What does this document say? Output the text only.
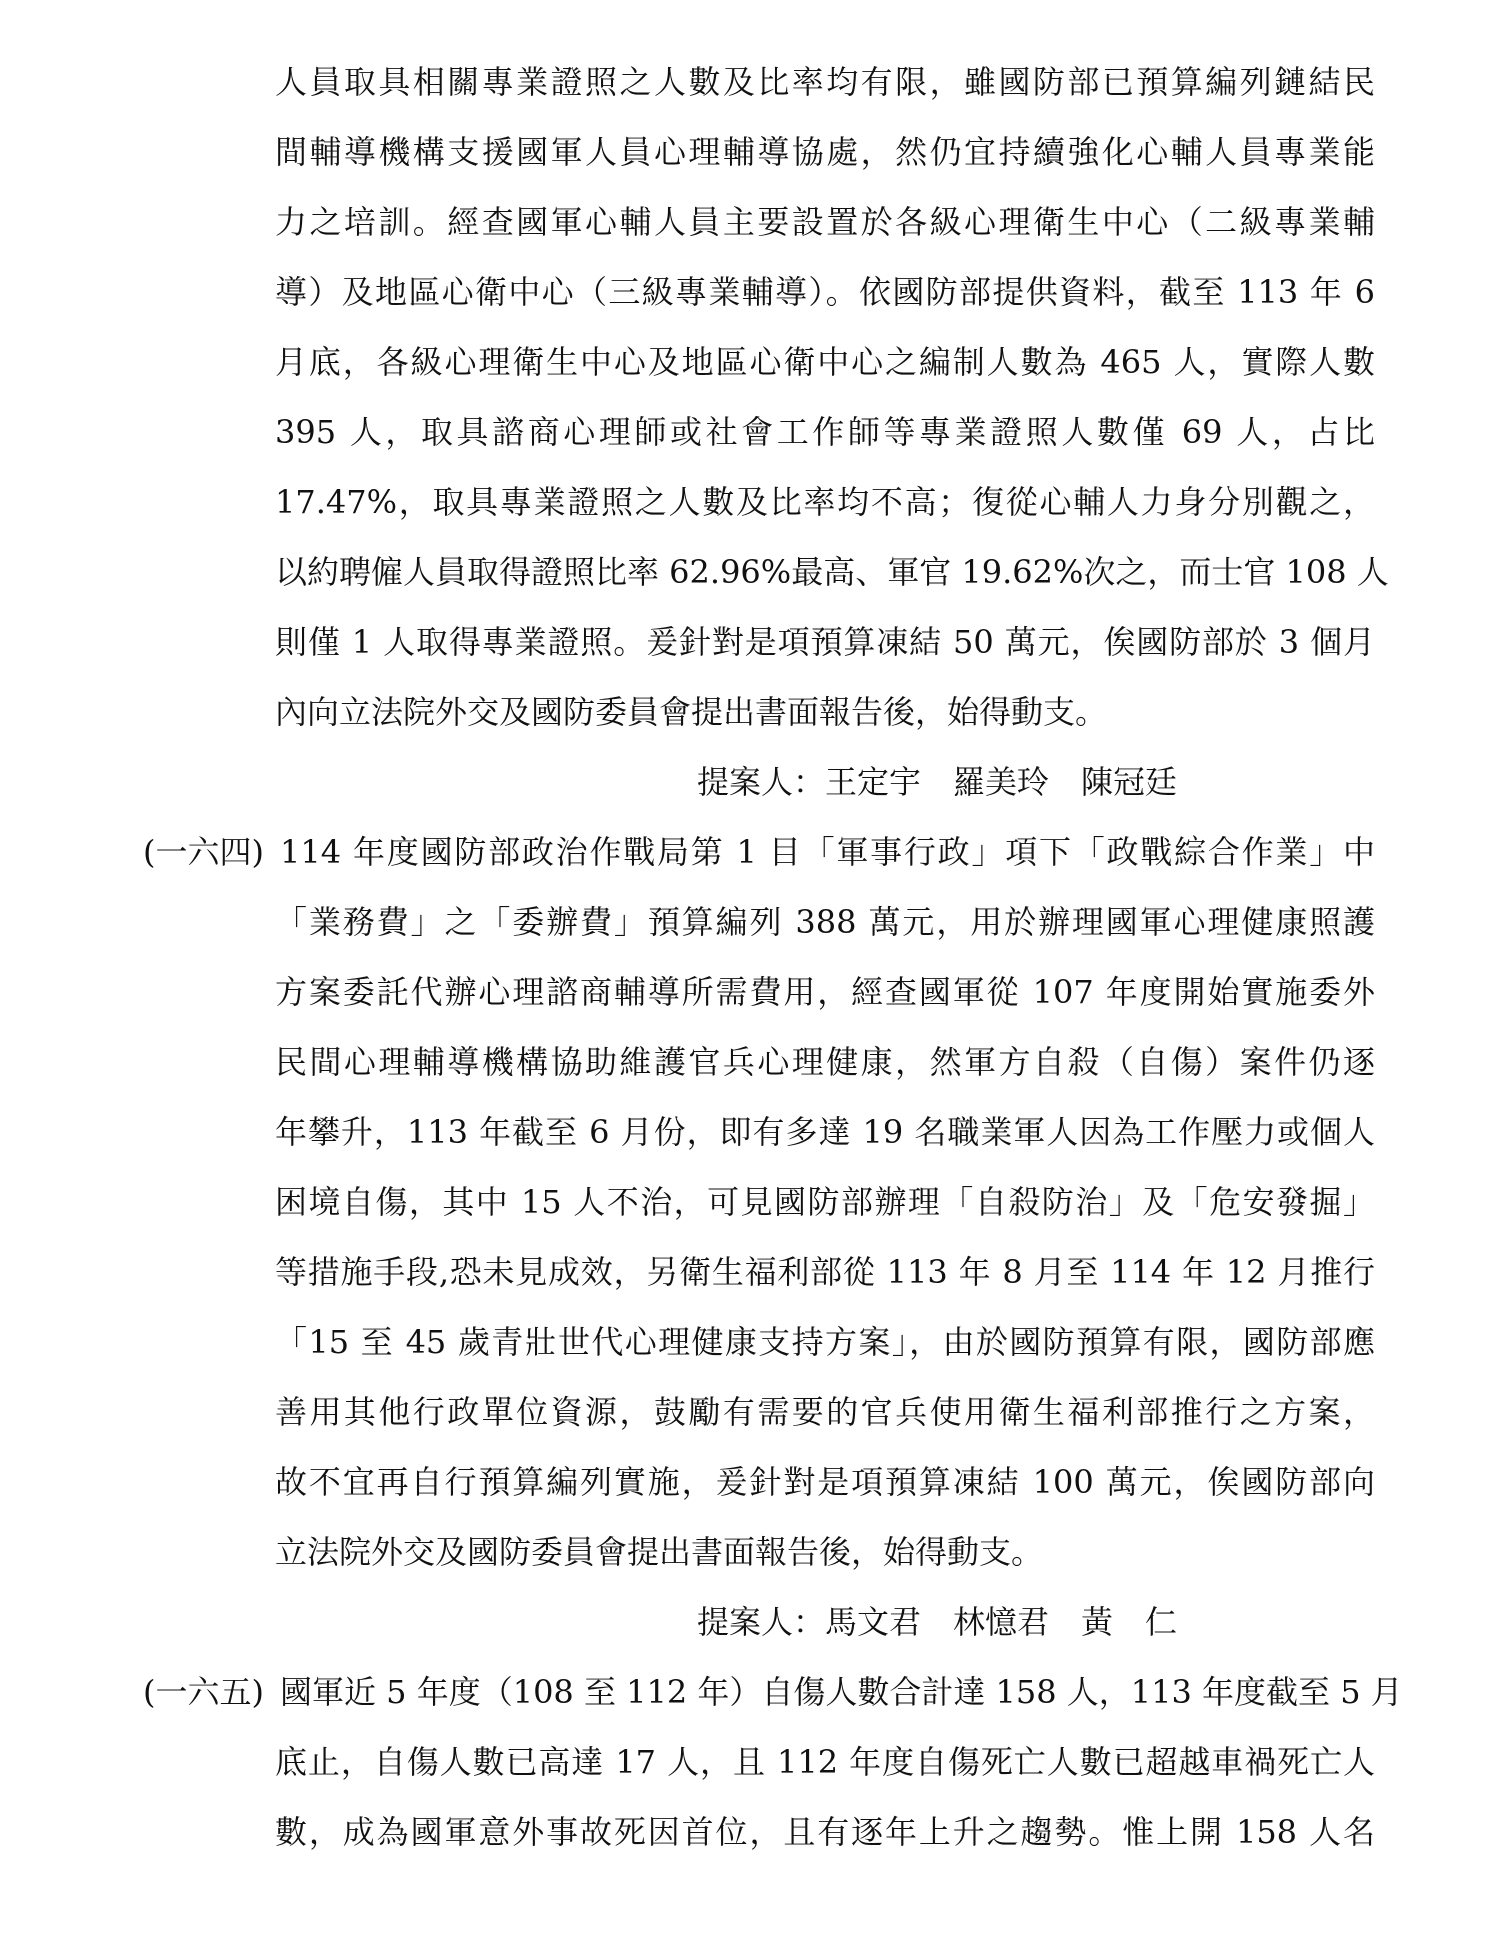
人員取具相關專業證照之人數及比率均有限，雖國防部已預算編列鏈結民
間輔導機構支援國軍人員心理輔導協處，然仍宜持續強化心輔人員專業能
力之培訓。經查國軍心輔人員主要設置於各級心理衛生中心（二級專業輔
導）及地區心衛中心（三級專業輔導）。依國防部提供資料，截至 113 年 6
月底，各級心理衛生中心及地區心衛中心之編制人數為 465 人，實際人數
395 人，取具諮商心理師或社會工作師等專業證照人數僅 69 人，占比
17.47%，取具專業證照之人數及比率均不高；復從心輔人力身分別觀之，
以約聘僱人員取得證照比率 62.96%最高、軍官 19.62%次之，而士官 108 人
則僅 1 人取得專業證照。爰針對是項預算凍結 50 萬元，俟國防部於 3 個月
內向立法院外交及國防委員會提出書面報告後，始得動支。
提案人：王定宇　羅美玲　陳冠廷
(一六四) 114 年度國防部政治作戰局第 1 目「軍事行政」項下「政戰綜合作業」中
「業務費」之「委辦費」預算編列 388 萬元，用於辦理國軍心理健康照護
方案委託代辦心理諮商輔導所需費用，經查國軍從 107 年度開始實施委外
民間心理輔導機構協助維護官兵心理健康，然軍方自殺（自傷）案件仍逐
年攀升，113 年截至 6 月份，即有多達 19 名職業軍人因為工作壓力或個人
困境自傷，其中 15 人不治，可見國防部辦理「自殺防治」及「危安發掘」
等措施手段,恐未見成效，另衛生福利部從 113 年 8 月至 114 年 12 月推行
「15 至 45 歲青壯世代心理健康支持方案」，由於國防預算有限，國防部應
善用其他行政單位資源，鼓勵有需要的官兵使用衛生福利部推行之方案，
故不宜再自行預算編列實施，爰針對是項預算凍結 100 萬元，俟國防部向
立法院外交及國防委員會提出書面報告後，始得動支。
提案人：馬文君　林憶君　黃　仁
(一六五) 國軍近 5 年度（108 至 112 年）自傷人數合計達 158 人，113 年度截至 5 月
底止，自傷人數已高達 17 人，且 112 年度自傷死亡人數已超越車禍死亡人
數，成為國軍意外事故死因首位，且有逐年上升之趨勢。惟上開 158 人名
